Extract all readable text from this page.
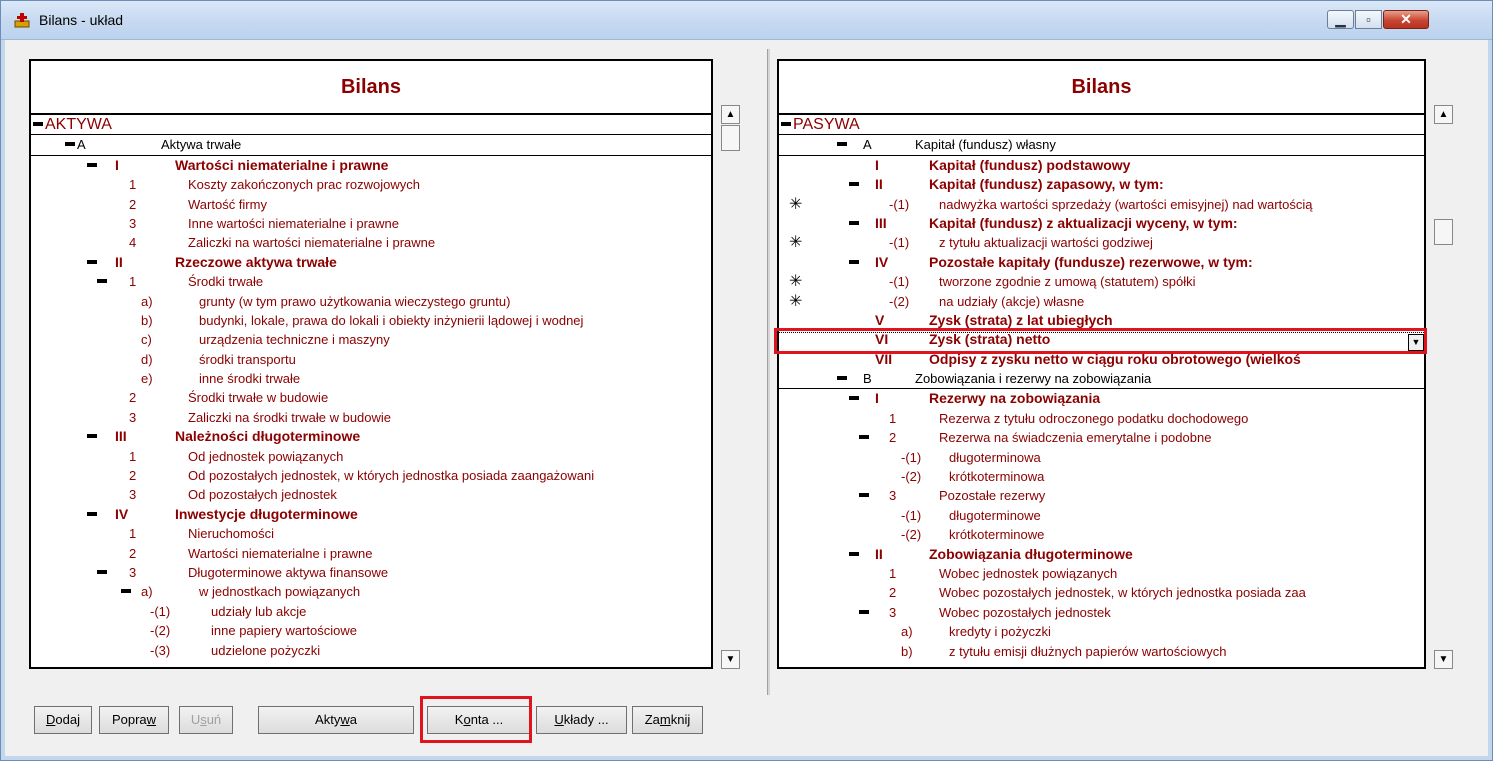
Bilans - układ	▁	▫	✕
Bilans
AKTYWA
A	Aktywa trwałe
I	Wartości niematerialne i prawne
1	Koszty zakończonych prac rozwojowych
2	Wartość firmy
3	Inne wartości niematerialne i prawne
4	Zaliczki na wartości niematerialne i prawne
II	Rzeczowe aktywa trwałe
1	Środki trwałe
a)	grunty (w tym prawo użytkowania wieczystego gruntu)
b)	budynki, lokale, prawa do lokali i obiekty inżynierii lądowej i wodnej
c)	urządzenia techniczne i maszyny
d)	środki transportu
e)	inne środki trwałe
2	Środki trwałe w budowie
3	Zaliczki na środki trwałe w budowie
III	Należności długoterminowe
1	Od jednostek powiązanych
2	Od pozostałych jednostek, w których jednostka posiada zaangażowani
3	Od pozostałych jednostek
IV	Inwestycje długoterminowe
1	Nieruchomości
2	Wartości niematerialne i prawne
3	Długoterminowe aktywa finansowe
a)	w jednostkach powiązanych
-(1)	udziały lub akcje
-(2)	inne papiery wartościowe
-(3)	udzielone pożyczki
▲
▼
Bilans
PASYWA
A	Kapitał (fundusz) własny
I	Kapitał (fundusz) podstawowy
II	Kapitał (fundusz) zapasowy, w tym:
✳	-(1) nadwyżka wartości sprzedaży (wartości emisyjnej) nad wartością
III	Kapitał (fundusz) z aktualizacji wyceny, w tym:
✳	-(1) z tytułu aktualizacji wartości godziwej
IV	Pozostałe kapitały (fundusze) rezerwowe, w tym:
✳	-(1) tworzone zgodnie z umową (statutem) spółki
✳	-(2) na udziały (akcje) własne
V	Zysk (strata) z lat ubiegłych
VI	Zysk (strata) netto
VII	Odpisy z zysku netto w ciągu roku obrotowego (wielkoś
B	Zobowiązania i rezerwy na zobowiązania
I	Rezerwy na zobowiązania
1	Rezerwa z tytułu odroczonego podatku dochodowego
2	Rezerwa na świadczenia emerytalne i podobne
-(1) długoterminowa
-(2) krótkoterminowa
3	Pozostałe rezerwy
-(1) długoterminowe
-(2) krótkoterminowe
II	Zobowiązania długoterminowe
1	Wobec jednostek powiązanych
2	Wobec pozostałych jednostek, w których jednostka posiada zaa
3	Wobec pozostałych jednostek
a)	kredyty i pożyczki
b)	z tytułu emisji dłużnych papierów wartościowych
▼
▲
▼
Dodaj	Popraw	Usuń	Aktywa	Konta ...	Układy ...	Zamknij
